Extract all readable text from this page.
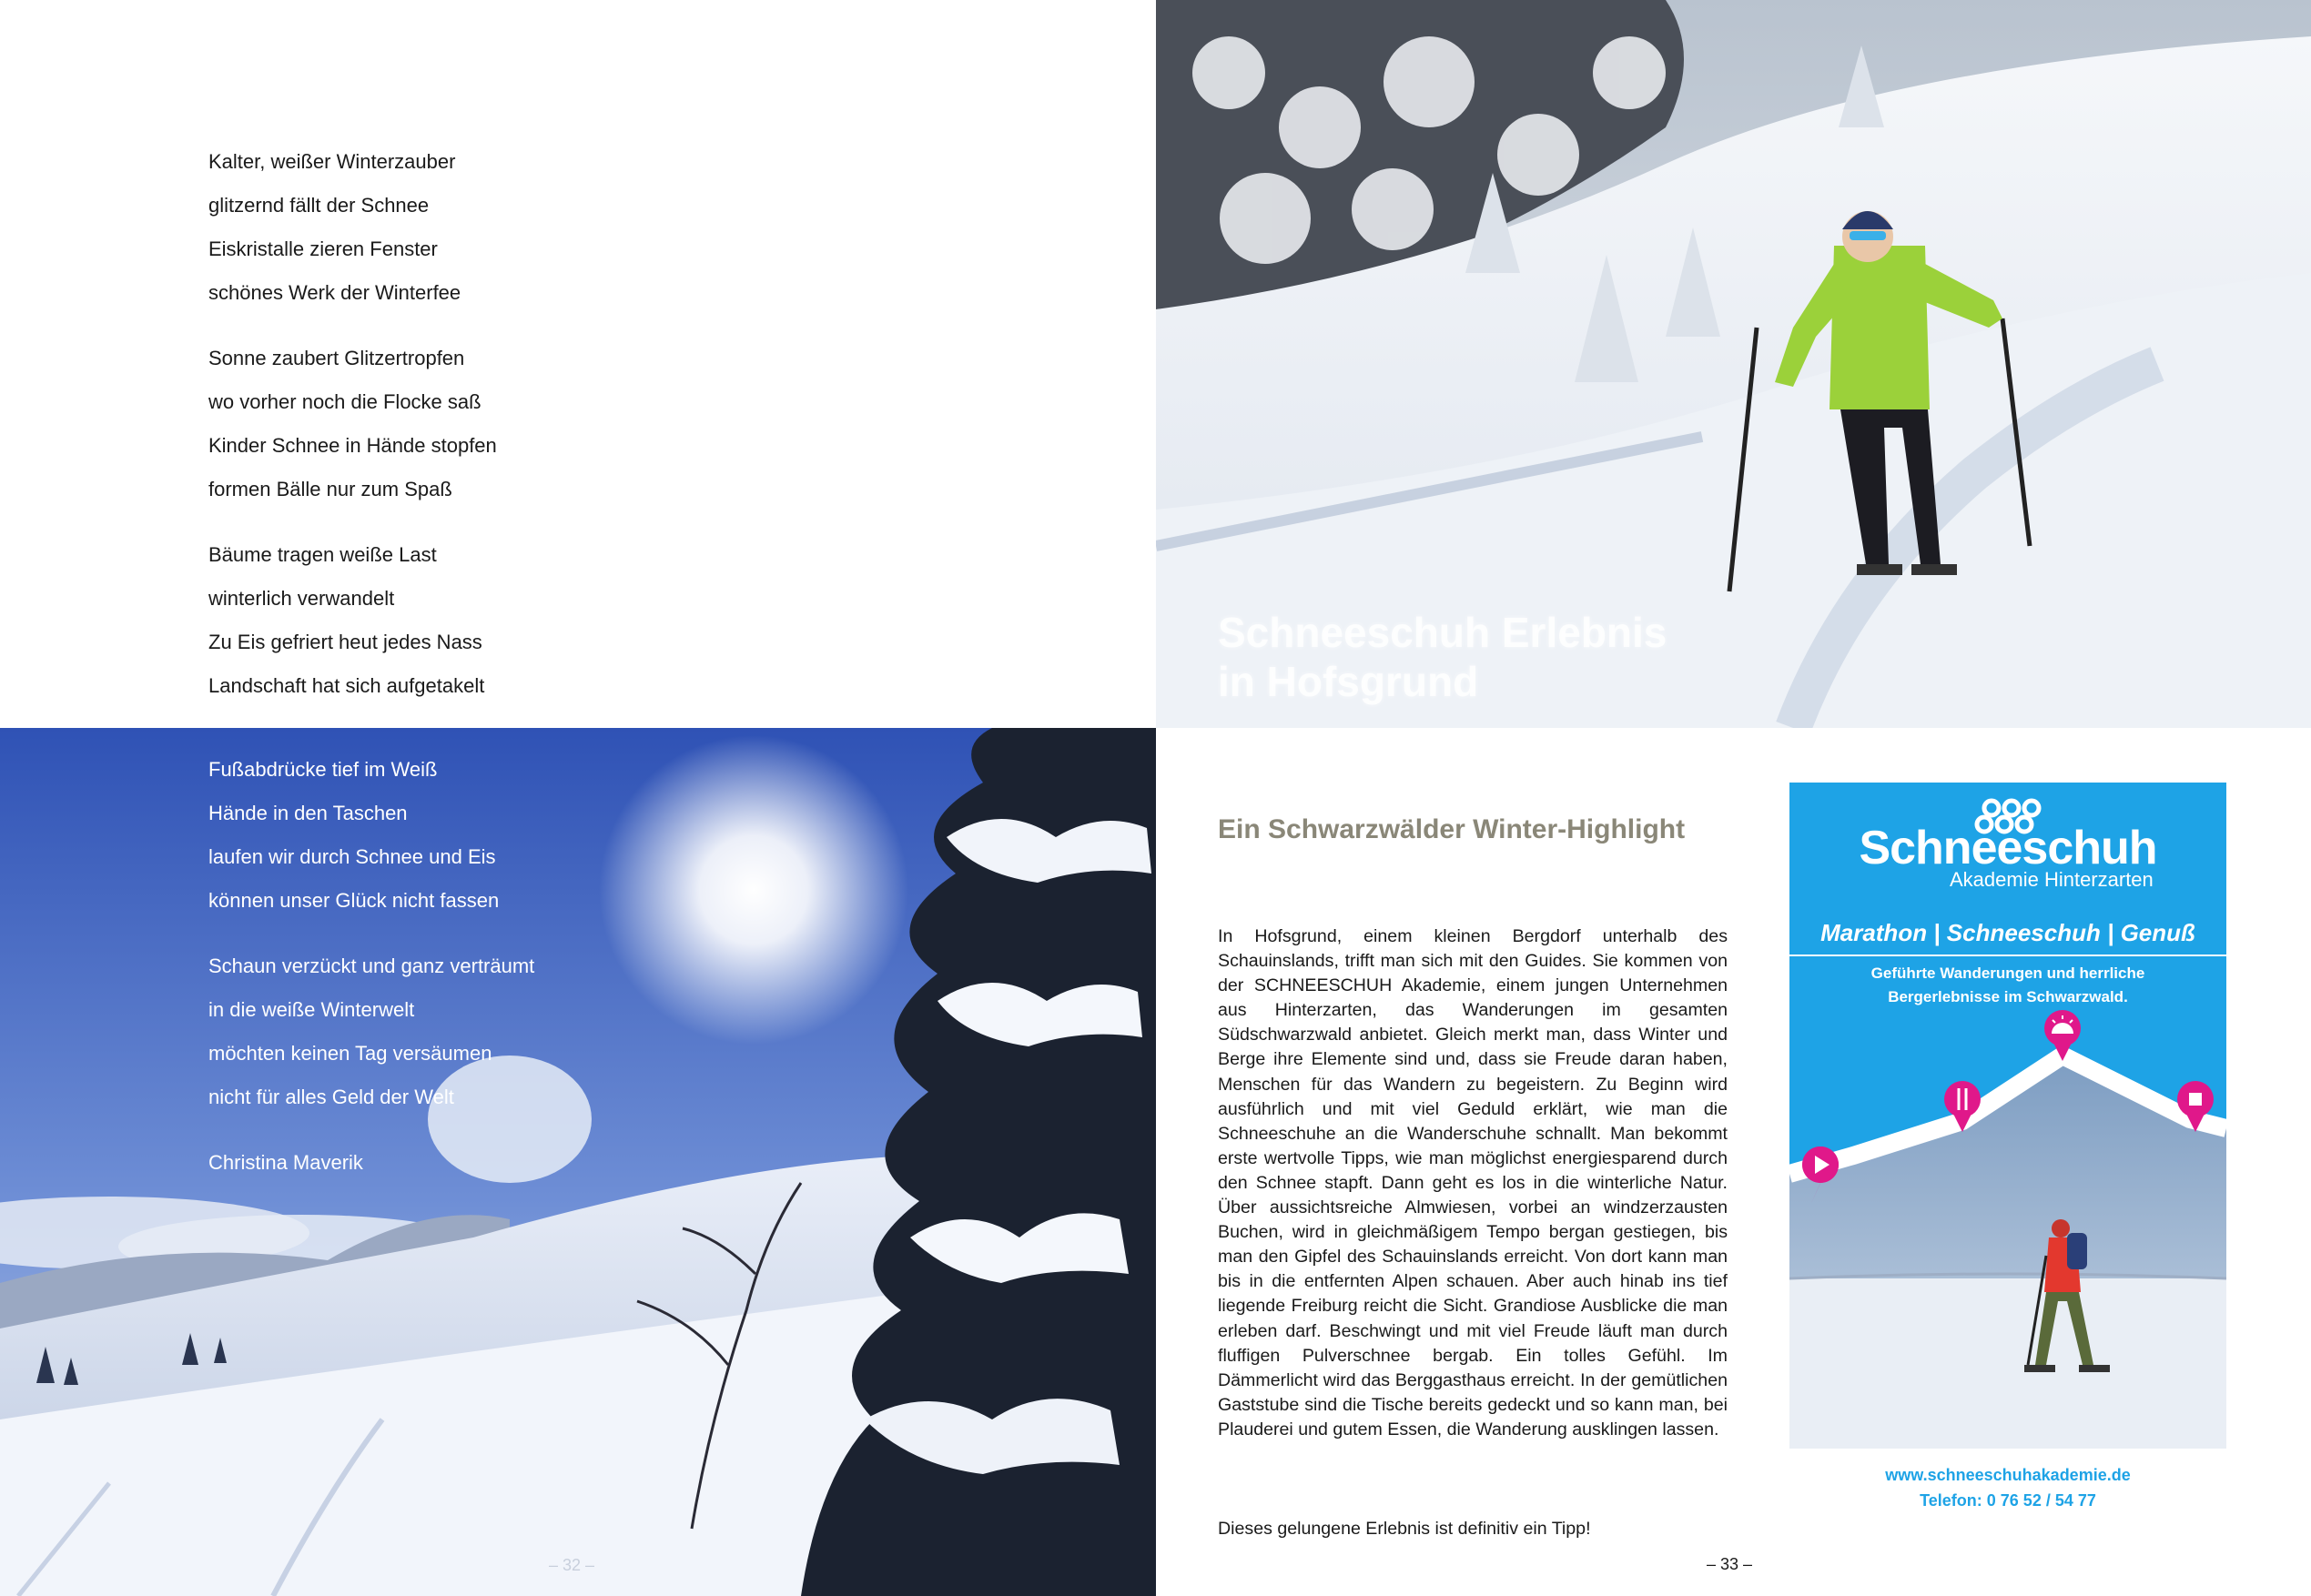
Kalter, weißer Winterzauber
glitzernd fällt der Schnee
Eiskristalle zieren Fenster
schönes Werk der Winterfee
Sonne zaubert Glitzertropfen
wo vorher noch die Flocke saß
Kinder Schnee in Hände stopfen
formen Bälle nur zum Spaß
Bäume tragen weiße Last
winterlich verwandelt
Zu Eis gefriert heut jedes Nass
Landschaft hat sich aufgetakelt
Fußabdrücke tief im Weiß
Hände in den Taschen
laufen wir durch Schnee und Eis
können unser Glück nicht fassen
Schaun verzückt und ganz verträumt
in die weiße Winterwelt
möchten keinen Tag versäumen
nicht für alles Geld der Welt
Christina Maverik
– 32 –
Schneeschuh Erlebnis
in Hofsgrund
Ein Schwarzwälder Winter-Highlight

In Hofsgrund, einem kleinen Bergdorf unterhalb des Schauinslands, trifft man sich mit den Guides. Sie kommen von der SCHNEESCHUH Akademie, einem jungen Unternehmen aus Hinterzarten, das Wanderungen im gesamten Südschwarzwald anbietet. Gleich merkt man, dass Winter und Berge ihre Elemente sind und, dass sie Freude daran haben, Menschen für das Wandern zu begeistern. Zu Beginn wird ausführlich und mit viel Geduld erklärt, wie man die Schneeschuhe an die Wanderschuhe schnallt. Man bekommt erste wertvolle Tipps, wie man möglichst energiesparend durch den Schnee stapft. Dann geht es los in die winterliche Natur. Über aussichtsreiche Almwiesen, vorbei an windzerzausten Buchen, wird in gleichmäßigem Tempo bergan gestiegen, bis man den Gipfel des Schauinslands erreicht. Von dort kann man bis in die entfernten Alpen schauen. Aber auch hinab ins tief liegende Freiburg reicht die Sicht. Grandiose Ausblicke die man erleben darf. Beschwingt und mit viel Freude läuft man durch fluffigen Pulverschnee bergab. Ein tolles Gefühl. Im Dämmerlicht wird das Berggasthaus erreicht. In der gemütlichen Gaststube sind die Tische bereits gedeckt und so kann man, bei Plauderei und gutem Essen, die Wanderung ausklingen lassen.

Dieses gelungene Erlebnis ist definitiv ein Tipp!
Schneeschuh
Akademie Hinterzarten
Marathon | Schneeschuh | Genuß
Geführte Wanderungen und herrliche
Bergerlebnisse im Schwarzwald.
www.schneeschuhakademie.de
Telefon: 0 76 52 / 54 77
– 33 –
